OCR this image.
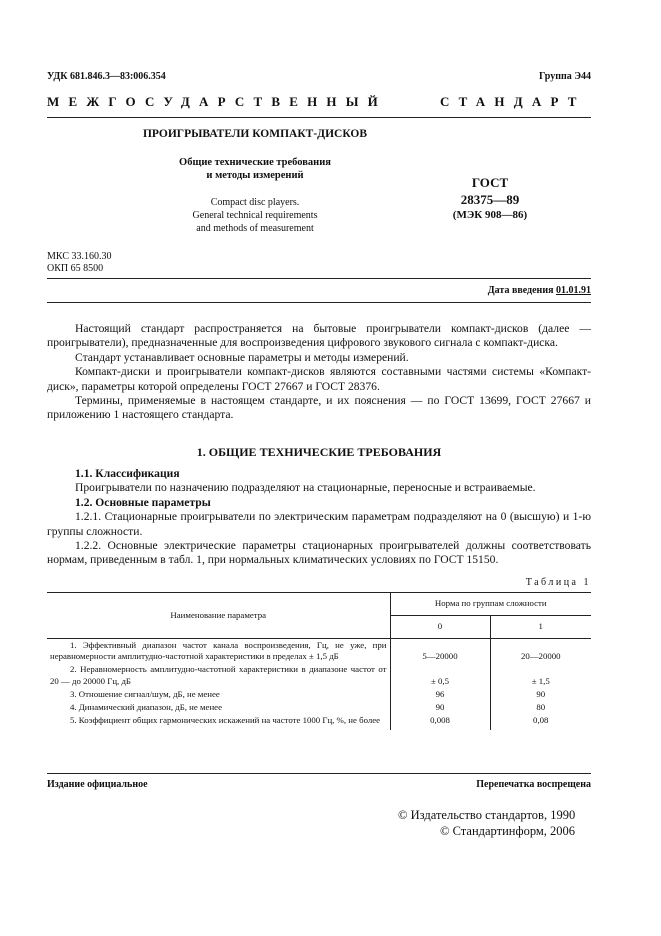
УДК 681.846.3—83:006.354	Группа Э44
МЕЖГОСУДАРСТВЕННЫЙ	СТАНДАРТ
ПРОИГРЫВАТЕЛИ КОМПАКТ-ДИСКОВ
Общие технические требования
и методы измерений
Compact disc players.
General technical requirements
and methods of measurement
ГОСТ
28375—89
(МЭК 908—86)
МКС 33.160.30
ОКП 65 8500
Дата введения 01.01.91

Настоящий стандарт распространяется на бытовые проигрыватели компакт-дисков (далее — проигрыватели), предназначенные для воспроизведения цифрового звукового сигнала с компакт-диска.

Стандарт устанавливает основные параметры и методы измерений.

Компакт-диски и проигрыватели компакт-дисков являются составными частями системы «Компакт-диск», параметры которой определены ГОСТ 27667 и ГОСТ 28376.

Термины, применяемые в настоящем стандарте, и их пояснения — по ГОСТ 13699, ГОСТ 27667 и приложению 1 настоящего стандарта.

1. ОБЩИЕ ТЕХНИЧЕСКИЕ ТРЕБОВАНИЯ

1.1. Классификация

Проигрыватели по назначению подразделяют на стационарные, переносные и встраиваемые.

1.2. Основные параметры

1.2.1. Стационарные проигрыватели по электрическим параметрам подразделяют на 0 (высшую) и 1-ю группы сложности.

1.2.2. Основные электрические параметры стационарных проигрывателей должны соответствовать нормам, приведенным в табл. 1, при нормальных климатических условиях по ГОСТ 15150.

Таблица 1
Наименование параметра	Норма по группам сложности	
	0	1
1. Эффективный диапазон частот канала воспроизведения, Гц, не уже, при неравномерности амплитудно-частотной характеристики в пределах ± 1,5 дБ	5—20000	20—20000
2. Неравномерность амплитудно-частотной характеристики в диапазоне частот от 20 — до 20000 Гц, дБ	± 0,5	± 1,5
3. Отношение сигнал/шум, дБ, не менее	96	90
4. Динамический диапазон, дБ, не менее	90	80
5. Коэффициент общих гармонических искажений на частоте 1000 Гц, %, не более	0,008	0,08
Издание официальное	Перепечатка воспрещена
© Издательство стандартов, 1990
© Стандартинформ, 2006
